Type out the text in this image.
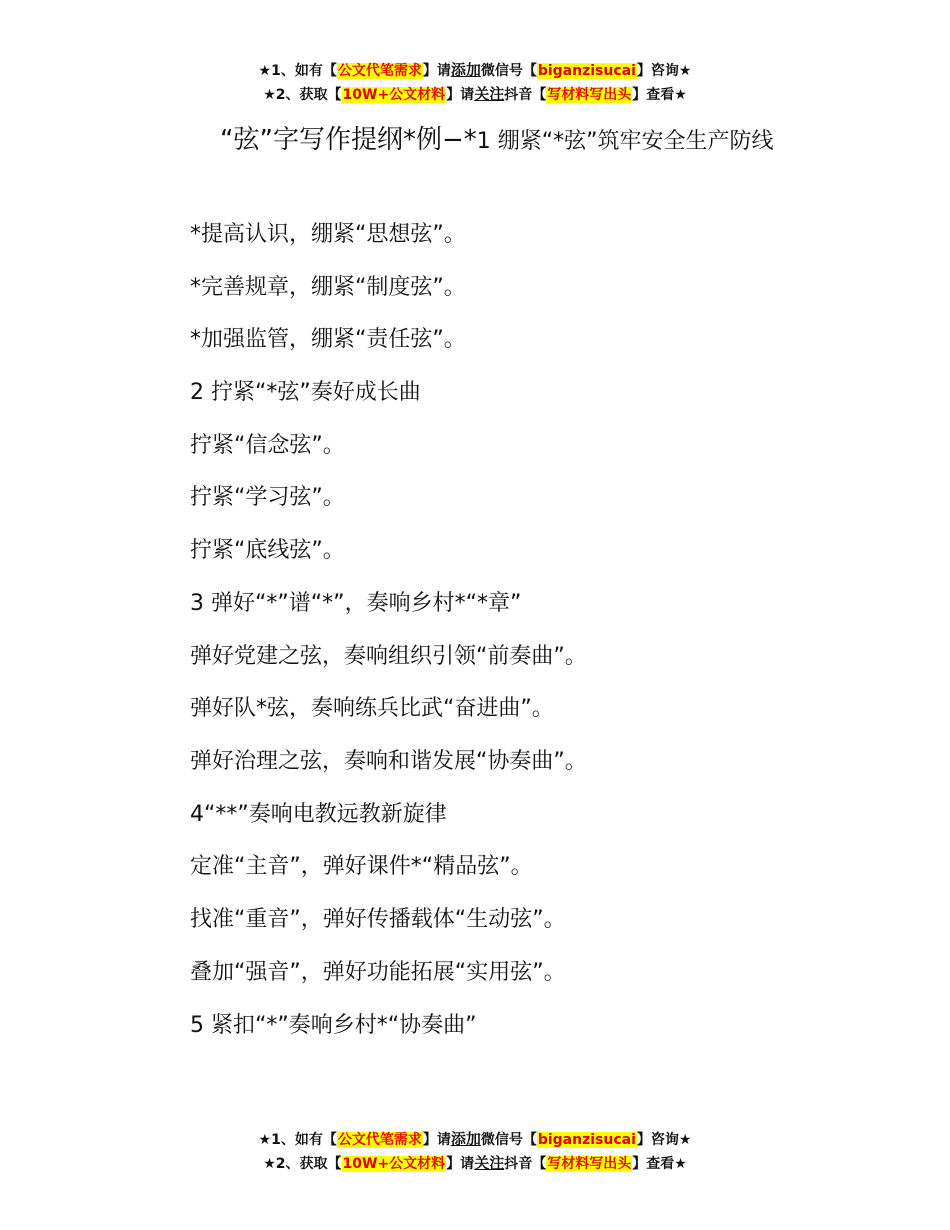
★1、如有【公文代笔需求】请添加微信号【biganzisucai】咨询★
★2、获取【10W+公文材料】请关注抖音【写材料写出头】查看★
“弦”字写作提纲*例−*1 绷紧“*弦”筑牢安全生产防线
*提高认识，绷紧“思想弦”。
*完善规章，绷紧“制度弦”。
*加强监管，绷紧“责任弦”。
2 拧紧“*弦”奏好成长曲
拧紧“信念弦”。
拧紧“学习弦”。
拧紧“底线弦”。
3 弹好“*”谱“*”，奏响乡村*“*章”
弹好党建之弦，奏响组织引领“前奏曲”。
弹好队*弦，奏响练兵比武“奋进曲”。
弹好治理之弦，奏响和谐发展“协奏曲”。
4“**”奏响电教远教新旋律
定准“主音”，弹好课件*“精品弦”。
找准“重音”，弹好传播载体“生动弦”。
叠加“强音”，弹好功能拓展“实用弦”。
5 紧扣“*”奏响乡村*“协奏曲”
★1、如有【公文代笔需求】请添加微信号【biganzisucai】咨询★
★2、获取【10W+公文材料】请关注抖音【写材料写出头】查看★
